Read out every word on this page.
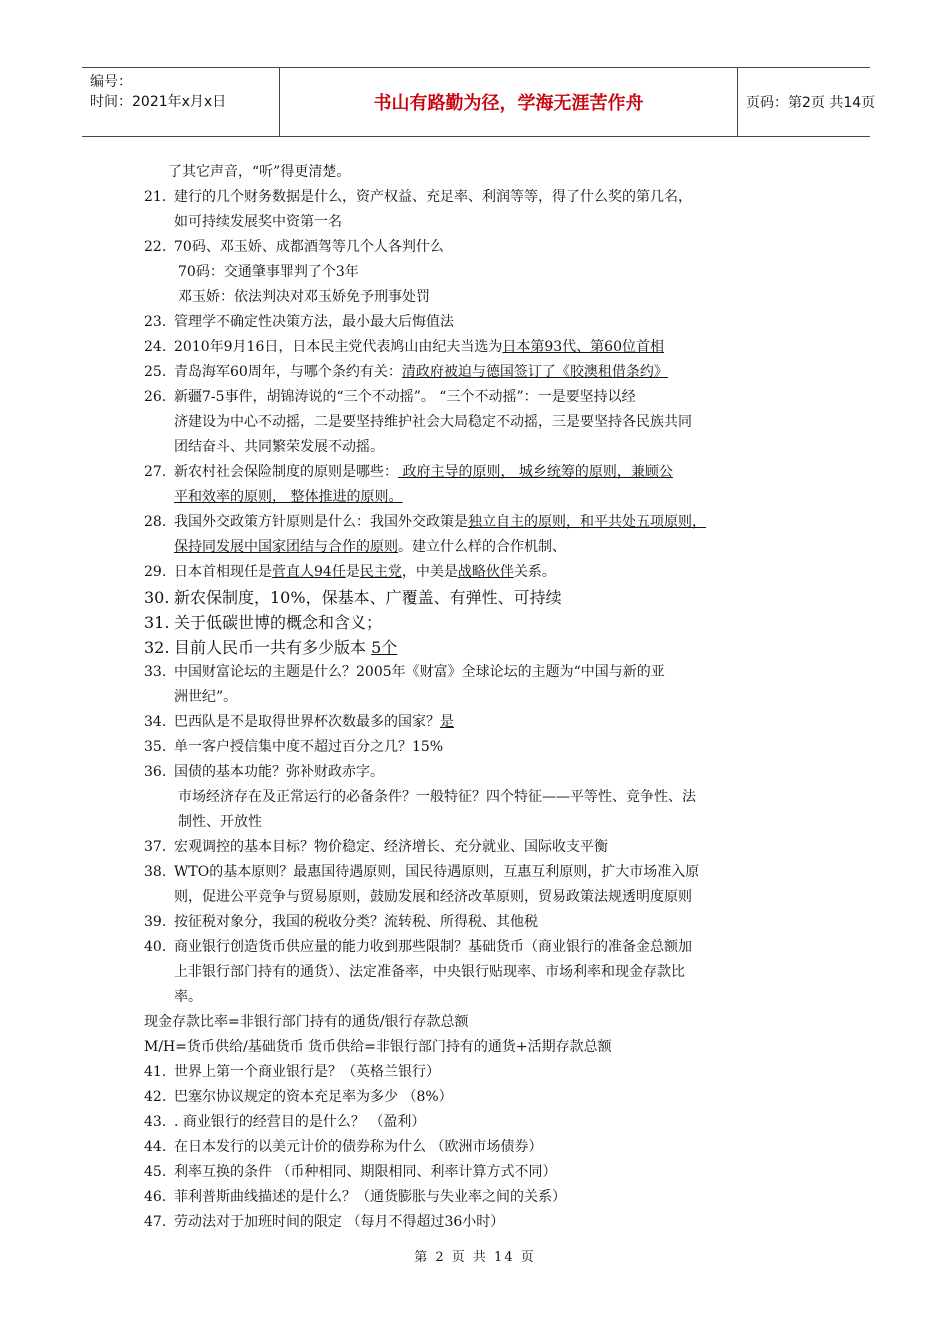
编号：
时间：2021年x月x日	书山有路勤为径，学海无涯苦作舟	页码：第2页 共14页
了其它声音，“听”得更清楚。
21. 建行的几个财务数据是什么，资产权益、充足率、利润等等，得了什么奖的第几名，
如可持续发展奖中资第一名
22. 70码、邓玉娇、成都酒驾等几个人各判什么
70码：交通肇事罪判了个3年
邓玉娇：依法判决对邓玉娇免予刑事处罚
23. 管理学不确定性决策方法，最小最大后悔值法
24. 2010年9月16日，日本民主党代表鸠山由纪夫当选为日本第93代、第60位首相
25. 青岛海军60周年，与哪个条约有关：清政府被迫与德国签订了《胶澳租借条约》
26. 新疆7-5事件，胡锦涛说的“三个不动摇”。 “三个不动摇”：一是要坚持以经
济建设为中心不动摇，二是要坚持维护社会大局稳定不动摇，三是要坚持各民族共同
团结奋斗、共同繁荣发展不动摇。
27. 新农村社会保险制度的原则是哪些： 政府主导的原则， 城乡统筹的原则，兼顾公
平和效率的原则， 整体推进的原则。
28. 我国外交政策方针原则是什么：我国外交政策是独立自主的原则，和平共处五项原则，
保持同发展中国家团结与合作的原则。建立什么样的合作机制、
29. 日本首相现任是菅直人94任是民主党，中美是战略伙伴关系。
30. 新农保制度，10%，保基本、广覆盖、有弹性、可持续
31. 关于低碳世博的概念和含义；
32. 目前人民币一共有多少版本 5个
33. 中国财富论坛的主题是什么？2005年《财富》全球论坛的主题为“中国与新的亚
洲世纪”。
34. 巴西队是不是取得世界杯次数最多的国家？是
35. 单一客户授信集中度不超过百分之几？15%
36. 国债的基本功能？弥补财政赤字。
市场经济存在及正常运行的必备条件？一般特征？四个特征——平等性、竞争性、法
制性、开放性
37. 宏观调控的基本目标？物价稳定、经济增长、充分就业、国际收支平衡
38. WTO的基本原则？最惠国待遇原则，国民待遇原则，互惠互利原则，扩大市场准入原
则，促进公平竞争与贸易原则，鼓励发展和经济改革原则，贸易政策法规透明度原则
39. 按征税对象分，我国的税收分类？流转税、所得税、其他税
40. 商业银行创造货币供应量的能力收到那些限制？基础货币（商业银行的准备金总额加
上非银行部门持有的通货）、法定准备率，中央银行贴现率、市场利率和现金存款比
率。
现金存款比率=非银行部门持有的通货/银行存款总额
M/H=货币供给/基础货币 货币供给=非银行部门持有的通货+活期存款总额
41. 世界上第一个商业银行是？（英格兰银行）
42. 巴塞尔协议规定的资本充足率为多少 （8%）
43. . 商业银行的经营目的是什么？ （盈利）
44. 在日本发行的以美元计价的债券称为什么 （欧洲市场债券）
45. 利率互换的条件 （币种相同、期限相同、利率计算方式不同）
46. 菲利普斯曲线描述的是什么？（通货膨胀与失业率之间的关系）
47. 劳动法对于加班时间的限定 （每月不得超过36小时）
第 2 页 共 14 页
